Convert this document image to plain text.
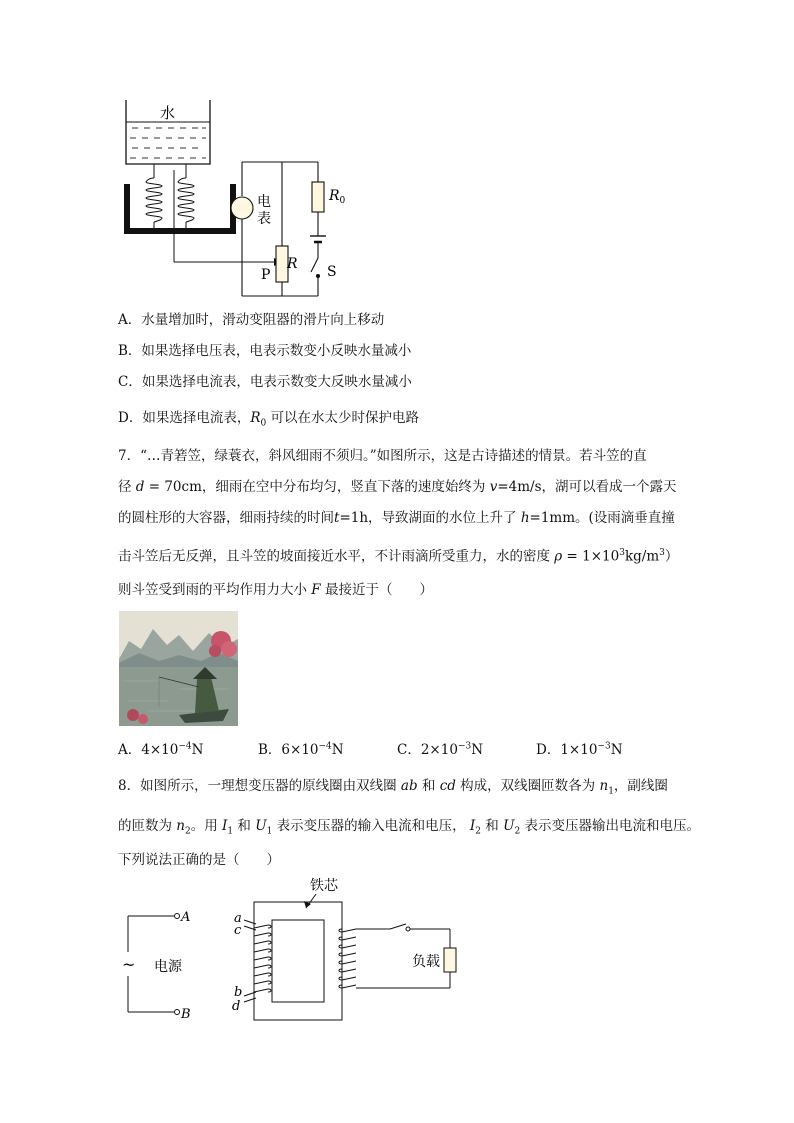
水
电
表
$R_0$
R
P	S
A．水量增加时，滑动变阻器的滑片向上移动
B．如果选择电压表，电表示数变小反映水量减小
C．如果选择电流表，电表示数变大反映水量减小
D．如果选择电流表，$R_0$ 可以在水太少时保护电路
7．“…青箬笠，绿蓑衣，斜风细雨不须归。”如图所示，这是古诗描述的情景。若斗笠的直
径 d = 70cm，细雨在空中分布均匀，竖直下落的速度始终为 v=4m/s，湖可以看成一个露天
的圆柱形的大容器，细雨持续的时间t=1h，导致湖面的水位上升了 h=1mm。(设雨滴垂直撞
击斗笠后无反弹，且斗笠的坡面接近水平，不计雨滴所受重力，水的密度 $\rho = 1\times 10^3kg/m^3$）
则斗笠受到雨的平均作用力大小 F 最接近于（　　）
A．$4\times 10^{-4}N$	B．$6\times 10^{-4}N$	C．$2\times 10^{-3}N$	D．$1\times 10^{-3}N$
8．如图所示，一理想变压器的原线圈由双线圈 ab 和 cd 构成，双线圈匝数各为 $n_1$，副线圈
的匝数为 $n_2$。用 $I_1$ 和 $U_1$ 表示变压器的输入电流和电压， $I_2$ 和 $U_2$ 表示变压器输出电流和电压。
下列说法正确的是（　　）
铁芯
a
c
b
d
A
B
~ 电源	负载
